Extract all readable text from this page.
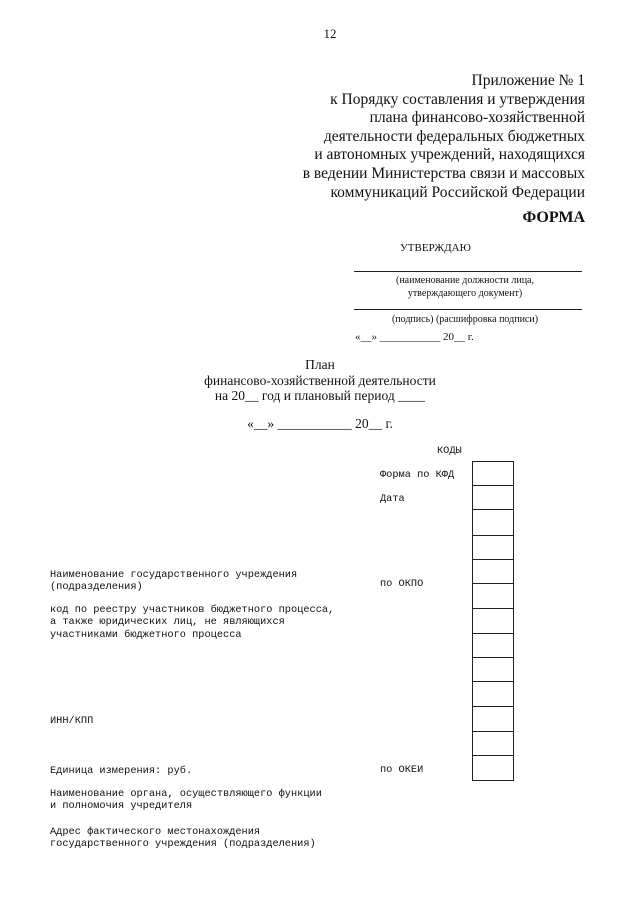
12
Приложение № 1
к Порядку составления и утверждения
плана финансово-хозяйственной
деятельности федеральных бюджетных
и автономных учреждений, находящихся
в ведении Министерства связи и массовых
коммуникаций Российской Федерации
ФОРМА
УТВЕРЖДАЮ
(наименование должности лица,
утверждающего документ)
(подпись) (расшифровка подписи)
«__» ___________ 20__ г.
План
финансово-хозяйственной деятельности
на 20__ год и плановый период ____
«__» ___________ 20__ г.
КОДЫ
Форма по КФД
Дата
по ОКПО
по ОКЕИ
Наименование государственного учреждения
(подразделения)
код по реестру участников бюджетного процесса,
а также юридических лиц, не являющихся
участниками бюджетного процесса
ИНН/КПП
Единица измерения: руб.
Наименование органа, осуществляющего функции
и полномочия учредителя
Адрес фактического местонахождения
государственного учреждения (подразделения)
